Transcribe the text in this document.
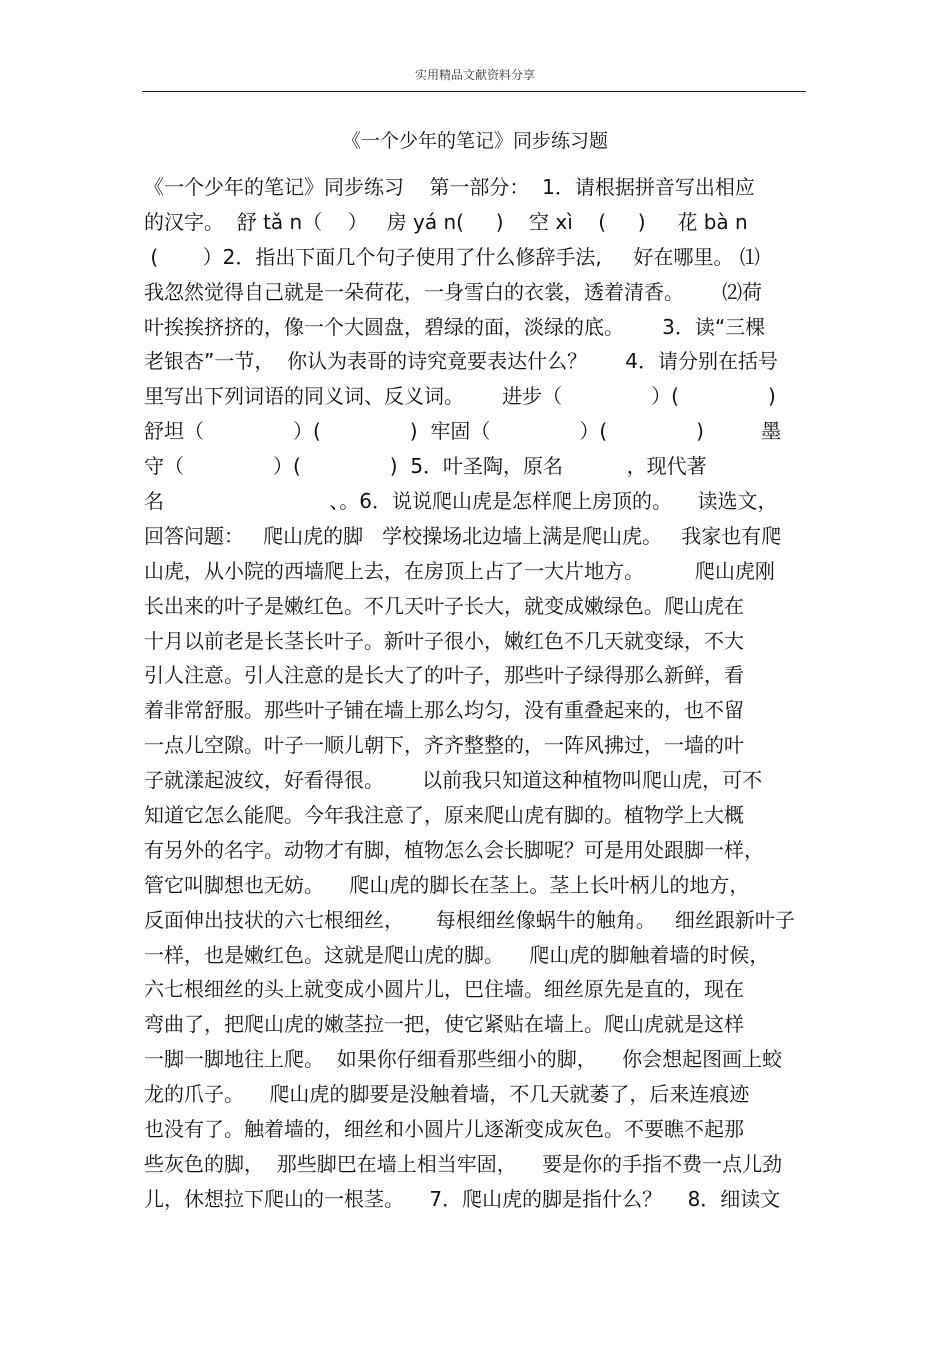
实用精品文献资料分享
《一个少年的笔记》同步练习题
《一个少年的笔记》同步练习    第一部分：  1．请根据拼音写出相应
的汉字。  舒 tǎ n（    ）   房 yá n(     )    空 xì    (     )     花 bà n
(       ）2．指出下面几个句子使用了什么修辞手法,     好在哪里。 ⑴
我忽然觉得自己就是一朵荷花，一身雪白的衣裳，透着清香。      ⑵荷
叶挨挨挤挤的，像一个大圆盘，碧绿的面，淡绿的底。      3．读“三棵
老银杏”一节，  你认为表哥的诗究竟要表达什么？      4．请分别在括号
里写出下列词语的同义词、反义词。      进步（              ）(              )
舒坦（              ）(              )  牢固（              ）(              )         墨
守（              ）(              )  5．叶圣陶，原名          ，现代著
名                          、。6．说说爬山虎是怎样爬上房顶的。    读选文，
回答问题：   爬山虎的脚   学校操场北边墙上满是爬山虎。   我家也有爬
山虎，从小院的西墙爬上去，在房顶上占了一大片地方。        爬山虎刚
长出来的叶子是嫩红色。不几天叶子长大，就变成嫩绿色。爬山虎在
十月以前老是长茎长叶子。新叶子很小，嫩红色不几天就变绿，不大
引人注意。引人注意的是长大了的叶子，那些叶子绿得那么新鲜，看
着非常舒服。那些叶子铺在墙上那么均匀，没有重叠起来的，也不留
一点儿空隙。叶子一顺儿朝下，齐齐整整的，一阵风拂过，一墙的叶
子就漾起波纹，好看得很。      以前我只知道这种植物叫爬山虎，可不
知道它怎么能爬。今年我注意了，原来爬山虎有脚的。植物学上大概
有另外的名字。动物才有脚，植物怎么会长脚呢？可是用处跟脚一样，
管它叫脚想也无妨。    爬山虎的脚长在茎上。茎上长叶柄儿的地方，
反面伸出技状的六七根细丝，     每根细丝像蜗牛的触角。   细丝跟新叶子
一样，也是嫩红色。这就是爬山虎的脚。    爬山虎的脚触着墙的时候，
六七根细丝的头上就变成小圆片儿，巴住墙。细丝原先是直的，现在
弯曲了，把爬山虎的嫩茎拉一把，使它紧贴在墙上。爬山虎就是这样
一脚一脚地往上爬。  如果你仔细看那些细小的脚，    你会想起图画上蛟
龙的爪子。    爬山虎的脚要是没触着墙，不几天就萎了，后来连痕迹
也没有了。触着墙的，细丝和小圆片儿逐渐变成灰色。不要瞧不起那
些灰色的脚，  那些脚巴在墙上相当牢固，    要是你的手指不费一点儿劲
儿，休想拉下爬山的一根茎。    7．爬山虎的脚是指什么？    8．细读文
